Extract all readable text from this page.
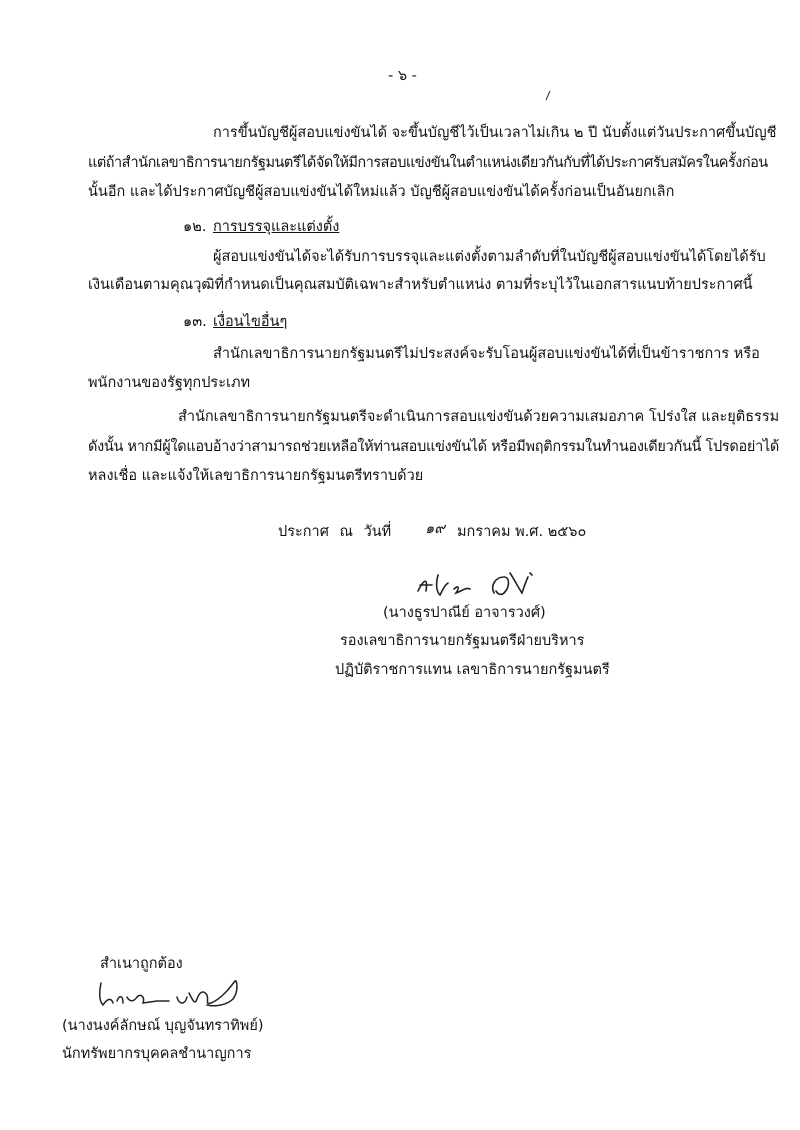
- ๖ -
การขึ้นบัญชีผู้สอบแข่งขันได้ จะขึ้นบัญชีไว้เป็นเวลาไม่เกิน ๒ ปี นับตั้งแต่วันประกาศขึ้นบัญชี
แต่ถ้าสำนักเลขาธิการนายกรัฐมนตรีได้จัดให้มีการสอบแข่งขันในตำแหน่งเดียวกันกับที่ได้ประกาศรับสมัครในครั้งก่อน
นั้นอีก และได้ประกาศบัญชีผู้สอบแข่งขันได้ใหม่แล้ว บัญชีผู้สอบแข่งขันได้ครั้งก่อนเป็นอันยกเลิก
๑๒. การบรรจุและแต่งตั้ง
ผู้สอบแข่งขันได้จะได้รับการบรรจุและแต่งตั้งตามลำดับที่ในบัญชีผู้สอบแข่งขันได้โดยได้รับ
เงินเดือนตามคุณวุฒิที่กำหนดเป็นคุณสมบัติเฉพาะสำหรับตำแหน่ง ตามที่ระบุไว้ในเอกสารแนบท้ายประกาศนี้
๑๓. เงื่อนไขอื่นๆ
สำนักเลขาธิการนายกรัฐมนตรีไม่ประสงค์จะรับโอนผู้สอบแข่งขันได้ที่เป็นข้าราชการ หรือ
พนักงานของรัฐทุกประเภท
สำนักเลขาธิการนายกรัฐมนตรีจะดำเนินการสอบแข่งขันด้วยความเสมอภาค โปร่งใส และยุติธรรม
ดังนั้น หากมีผู้ใดแอบอ้างว่าสามารถช่วยเหลือให้ท่านสอบแข่งขันได้ หรือมีพฤติกรรมในทำนองเดียวกันนี้ โปรดอย่าได้
หลงเชื่อ และแจ้งให้เลขาธิการนายกรัฐมนตรีทราบด้วย
ประกาศ ณ วันที่ ๑๙ มกราคม พ.ศ. ๒๕๖๐
(นางธูรปาณีย์ อาจารวงศ์)
รองเลขาธิการนายกรัฐมนตรีฝ่ายบริหาร
ปฏิบัติราชการแทน เลขาธิการนายกรัฐมนตรี
สำเนาถูกต้อง
(นางนงค์ลักษณ์ บุญจันทราทิพย์)
นักทรัพยากรบุคคลชำนาญการ
